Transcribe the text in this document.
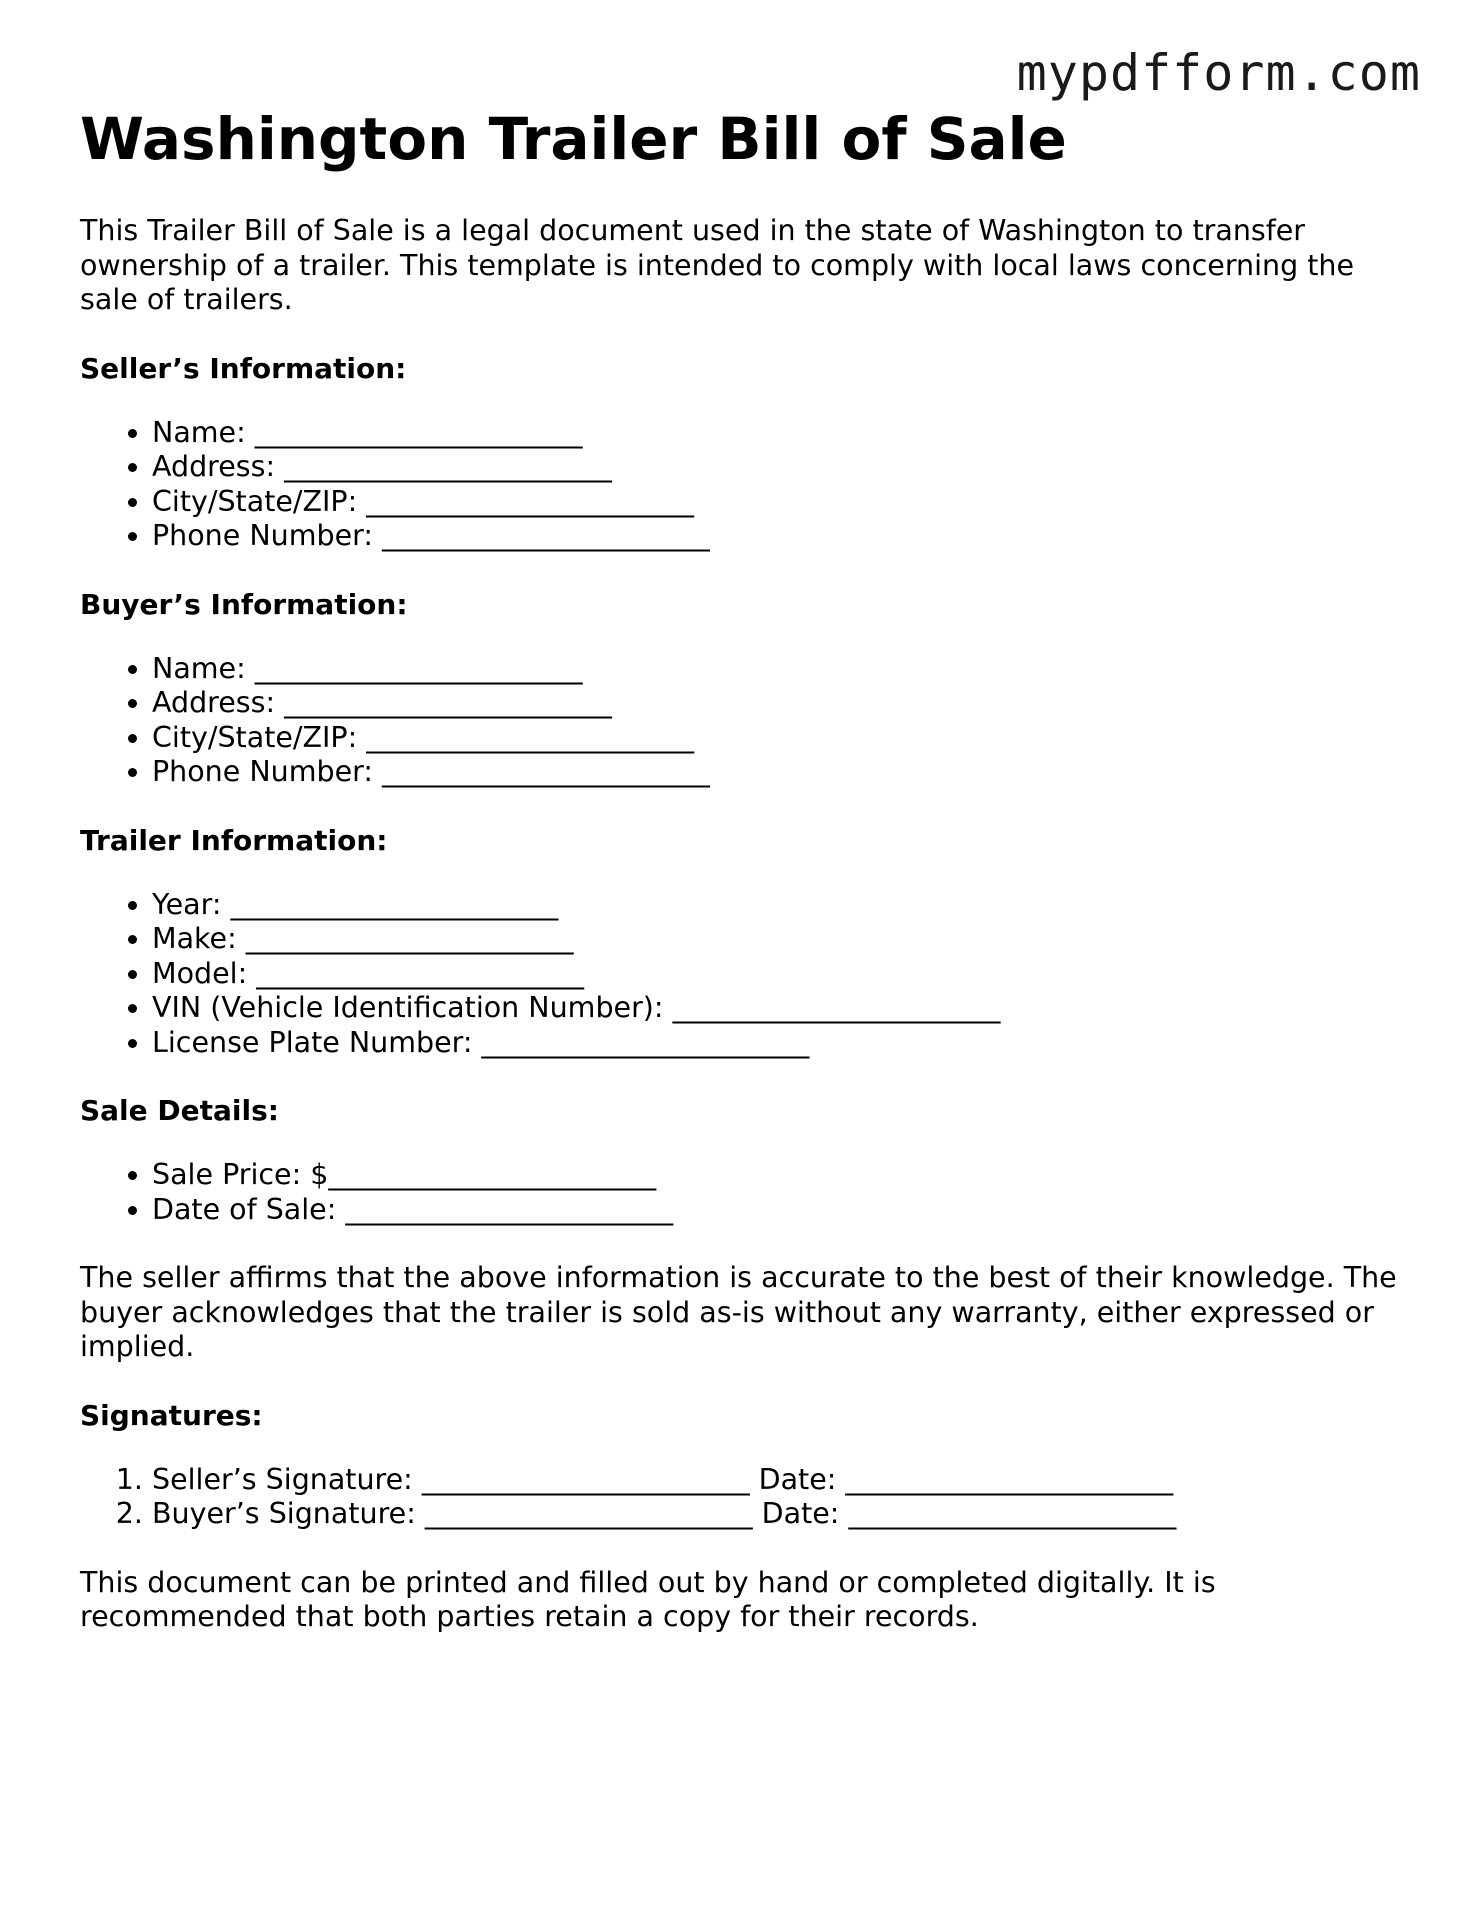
mypdfform.com
Washington Trailer Bill of Sale

This Trailer Bill of Sale is a legal document used in the state of Washington to transfer ownership of a trailer. This template is intended to comply with local laws concerning the sale of trailers.

Seller’s Information:
• Name: _______________________
• Address: _______________________
• City/State/ZIP: _______________________
• Phone Number: _______________________
Buyer’s Information:
• Name: _______________________
• Address: _______________________
• City/State/ZIP: _______________________
• Phone Number: _______________________
Trailer Information:
• Year: _______________________
• Make: _______________________
• Model: _______________________
• VIN (Vehicle Identification Number): _______________________
• License Plate Number: _______________________
Sale Details:
• Sale Price: $_______________________
• Date of Sale: _______________________

The seller affirms that the above information is accurate to the best of their knowledge. The buyer acknowledges that the trailer is sold as-is without any warranty, either expressed or implied.

Signatures:
1. Seller’s Signature: _______________________ Date: _______________________
2. Buyer’s Signature: _______________________ Date: _______________________

This document can be printed and filled out by hand or completed digitally. It is recommended that both parties retain a copy for their records.
